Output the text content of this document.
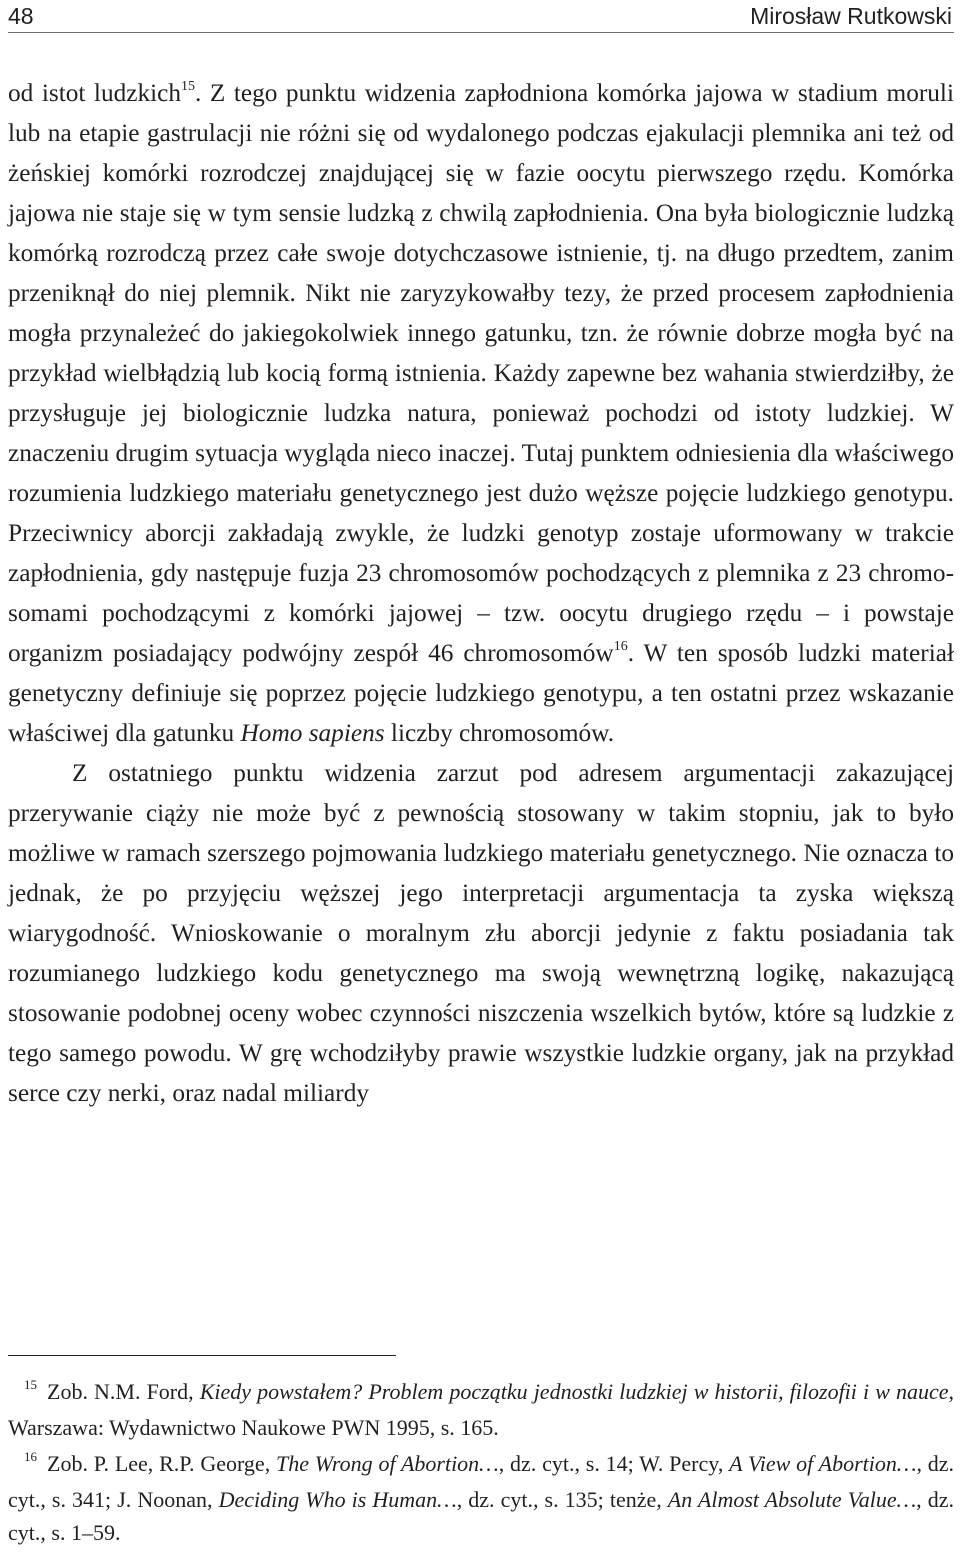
48	Mirosław Rutkowski

od istot ludzkich$^{15}$. Z tego punktu widzenia zapłodniona komórka jajowa w stadium moruli lub na etapie gastrulacji nie różni się od wydalonego podczas ejakulacji plemnika ani też od żeńskiej komórki rozrodczej znajdującej się w fazie oocytu pierwszego rzędu. Komórka jajowa nie staje się w tym sensie ludzką z chwilą zapłodnienia. Ona była biologicznie ludzką komórką rozrodczą przez całe swoje dotychczasowe istnienie, tj. na długo przedtem, zanim przeniknął do niej plemnik. Nikt nie zaryzykowałby tezy, że przed procesem zapłodnienia mogła przynależeć do jakiegokolwiek innego gatunku, tzn. że równie dobrze mogła być na przykład wielbłądzią lub kocią formą istnienia. Każdy zapewne bez wahania stwierdziłby, że przysługuje jej biologicznie ludzka natura, ponieważ pochodzi od istoty ludzkiej. W znaczeniu drugim sytuacja wygląda nieco inaczej. Tutaj punktem odniesienia dla właściwego rozumienia ludzkiego materiału genetycznego jest dużo węższe pojęcie ludzkiego genotypu. Przeciwnicy aborcji zakładają zwykle, że ludzki genotyp zostaje uformowany w trakcie zapłodnienia, gdy następuje fuzja 23 chromosomów pochodzących z plemnika z 23 chromosomami pochodzącymi z komórki jajowej – tzw. oocytu drugiego rzędu – i powstaje organizm posiadający podwójny zespół 46 chromosomów$^{16}$. W ten sposób ludzki materiał genetyczny definiuje się poprzez pojęcie ludzkiego genotypu, a ten ostatni przez wskazanie właściwej dla gatunku Homo sapiens liczby chromosomów.

Z ostatniego punktu widzenia zarzut pod adresem argumentacji zakazującej przerywanie ciąży nie może być z pewnością stosowany w takim stopniu, jak to było możliwe w ramach szerszego pojmowania ludzkiego materiału genetycznego. Nie oznacza to jednak, że po przyjęciu węższej jego interpretacji argumentacja ta zyska większą wiarygodność. Wnioskowanie o moralnym złu aborcji jedynie z faktu posiadania tak rozumianego ludzkiego kodu genetycznego ma swoją wewnętrzną logikę, nakazującą stosowanie podobnej oceny wobec czynności niszczenia wszelkich bytów, które są ludzkie z tego samego powodu. W grę wchodziłyby prawie wszystkie ludzkie organy, jak na przykład serce czy nerki, oraz nadal miliardy

$^{15}$ Zob. N.M. Ford, Kiedy powstałem? Problem początku jednostki ludzkiej w historii, filozofii i w nauce, Warszawa: Wydawnictwo Naukowe PWN 1995, s. 165.

$^{16}$ Zob. P. Lee, R.P. George, The Wrong of Abortion…, dz. cyt., s. 14; W. Percy, A View of Abortion…, dz. cyt., s. 341; J. Noonan, Deciding Who is Human…, dz. cyt., s. 135; tenże, An Almost Absolute Value…, dz. cyt., s. 1–59.
